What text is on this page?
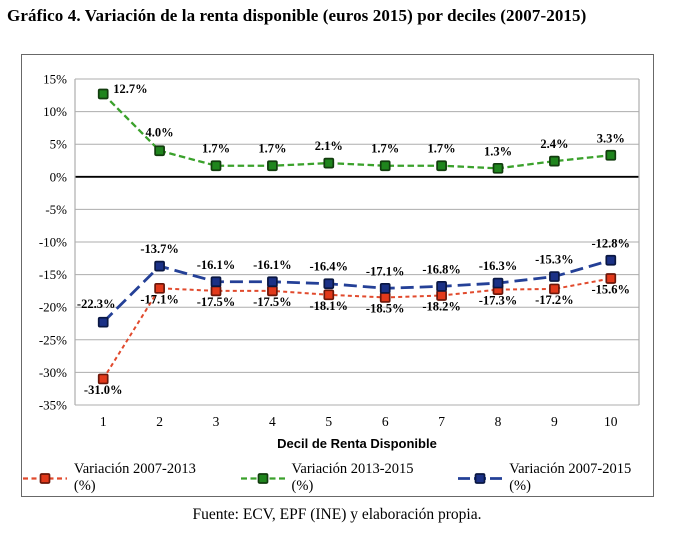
Gráfico 4. Variación de la renta disponible (euros 2015) por deciles (2007-2015)
15%
10%
5%
0%
-5%
-10%
-15%
-20%
-25%
-30%
-35%
1	2	3	4	5	6	7	8	9	10
Decil de Renta Disponible
-31.0%
-17.1% -17.5% -17.5% -18.1% -18.5% -18.2% -17.3% -17.2%
-15.6%
12.7%
4.0%
1.7% 1.7% 2.1% 1.7% 1.7% 1.3%
2.4% 3.3%
-22.3%
-13.7%
-16.1% -16.1% -16.4% -17.1% -16.8% -16.3% -15.3%
-12.8%
Variación 2007-2013 (%)
Variación 2013-2015 (%)
Variación 2007-2015 (%)
Fuente: ECV, EPF (INE) y elaboración propia.
